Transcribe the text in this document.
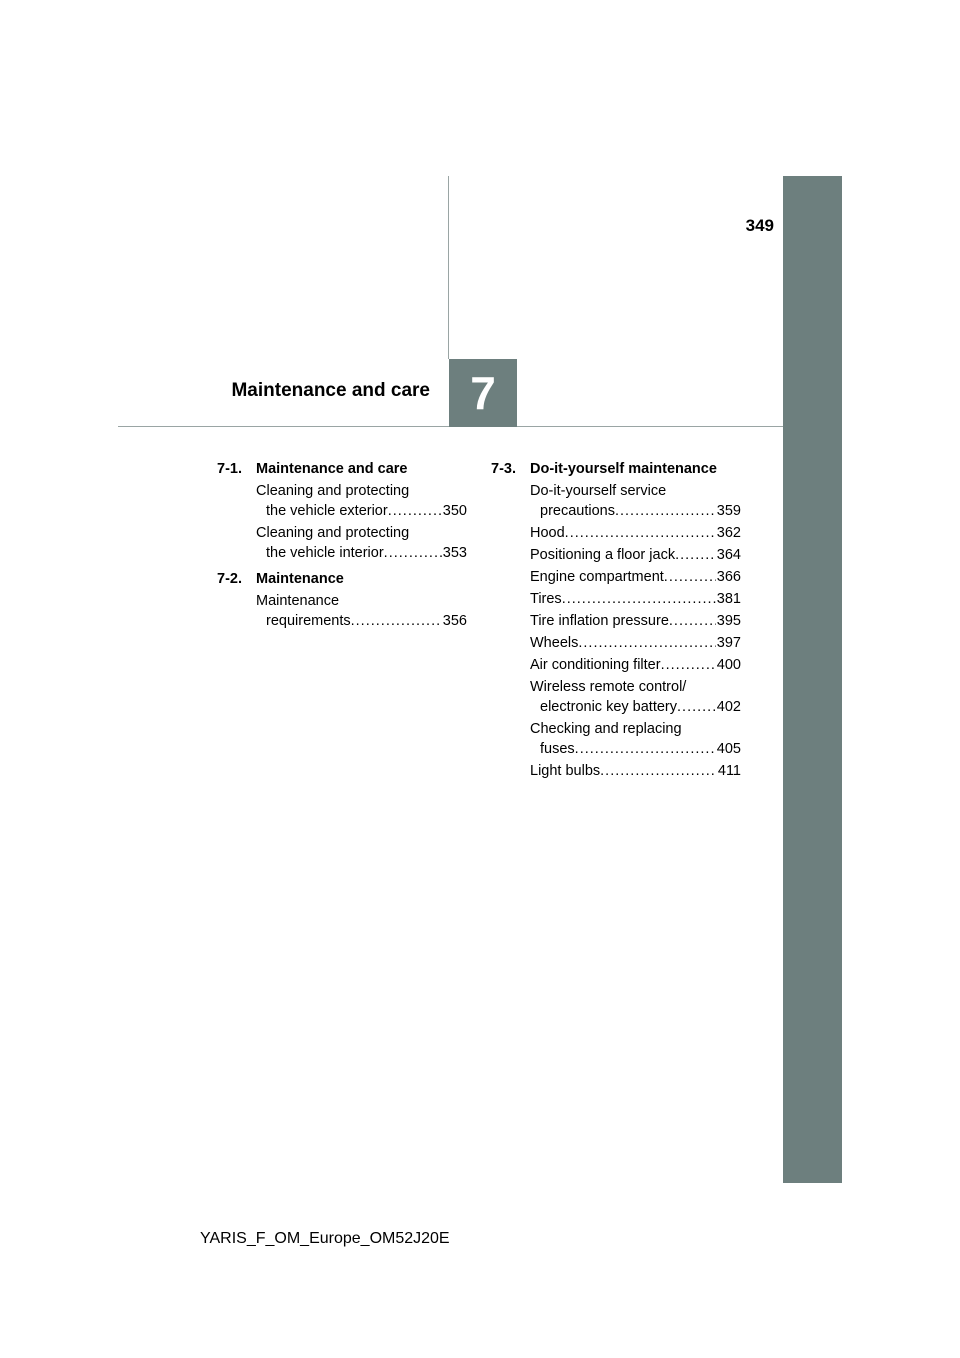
349
7
Maintenance and care
7-1. Maintenance and care
Cleaning and protecting
the vehicle exterior .....	350
Cleaning and protecting
the vehicle interior .....	353
7-2. Maintenance
Maintenance
requirements .....	356
7-3. Do-it-yourself maintenance
Do-it-yourself service
precautions .....	359
Hood .....	362
Positioning a floor jack .....	364
Engine compartment .....	366
Tires .....	381
Tire inflation pressure .....	395
Wheels .....	397
Air conditioning filter .....	400
Wireless remote control/
electronic key battery .....	402
Checking and replacing
fuses .....	405
Light bulbs .....	411
YARIS_F_OM_Europe_OM52J20E
